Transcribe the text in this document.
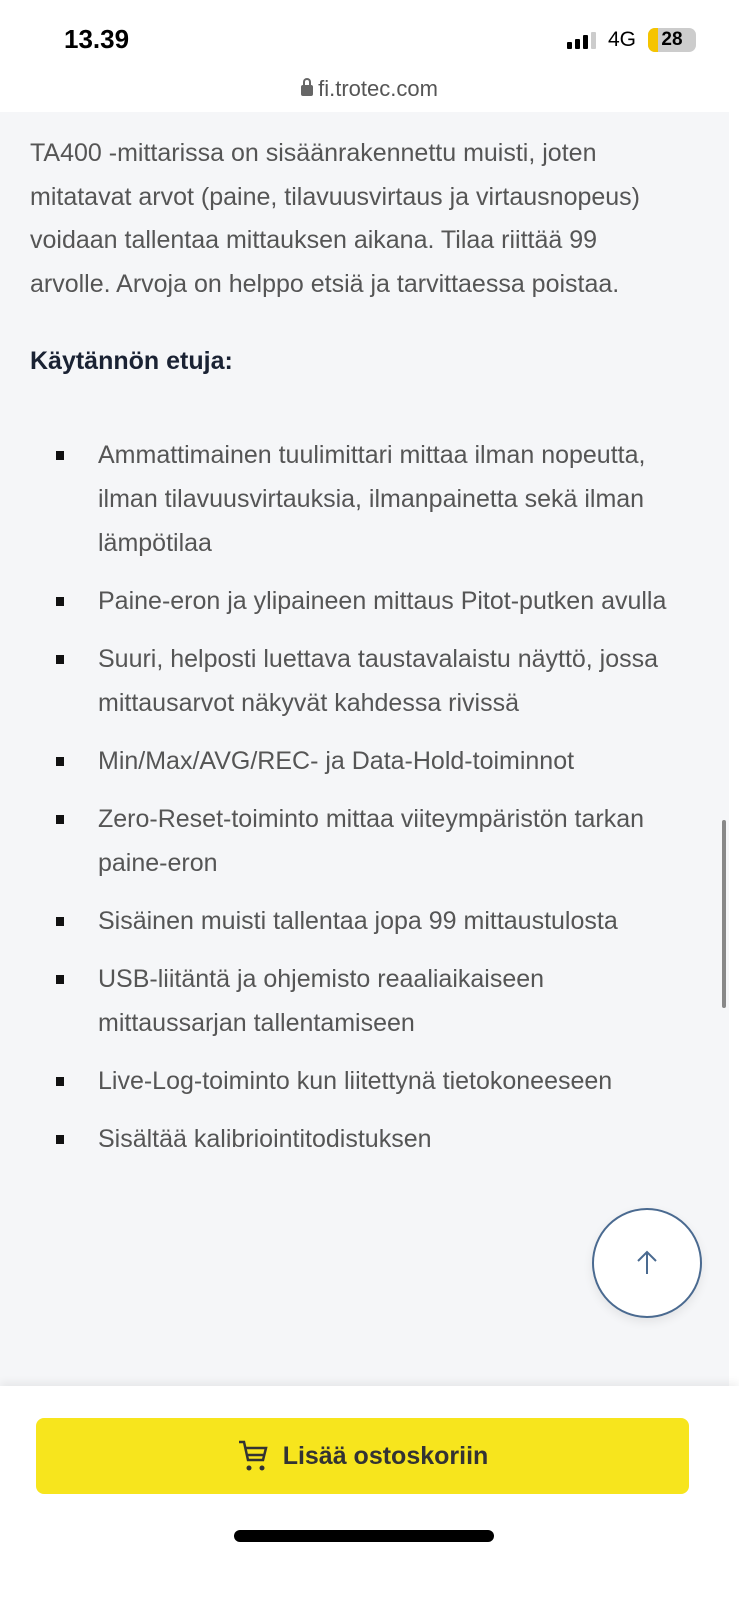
13.39	4G	28
fi.trotec.com

TA400 -mittarissa on sisäänrakennettu muisti, joten mitatavat arvot (paine, tilavuusvirtaus ja virtausnopeus) voidaan tallentaa mittauksen aikana. Tilaa riittää 99 arvolle. Arvoja on helppo etsiä ja tarvittaessa poistaa.

Käytännön etuja:
Ammattimainen tuulimittari mittaa ilman nopeutta, ilman tilavuusvirtauksia, ilmanpainetta sekä ilman lämpötilaa
Paine-eron ja ylipaineen mittaus Pitot-putken avulla
Suuri, helposti luettava taustavalaistu näyttö, jossa mittausarvot näkyvät kahdessa rivissä
Min/Max/AVG/REC- ja Data-Hold-toiminnot
Zero-Reset-toiminto mittaa viiteympäristön tarkan paine-eron
Sisäinen muisti tallentaa jopa 99 mittaustulosta
USB-liitäntä ja ohjemisto reaaliaikaiseen mittaussarjan tallentamiseen
Live-Log-toiminto kun liitettynä tietokoneeseen
Sisältää kalibriointitodistuksen
Lisää ostoskoriin
